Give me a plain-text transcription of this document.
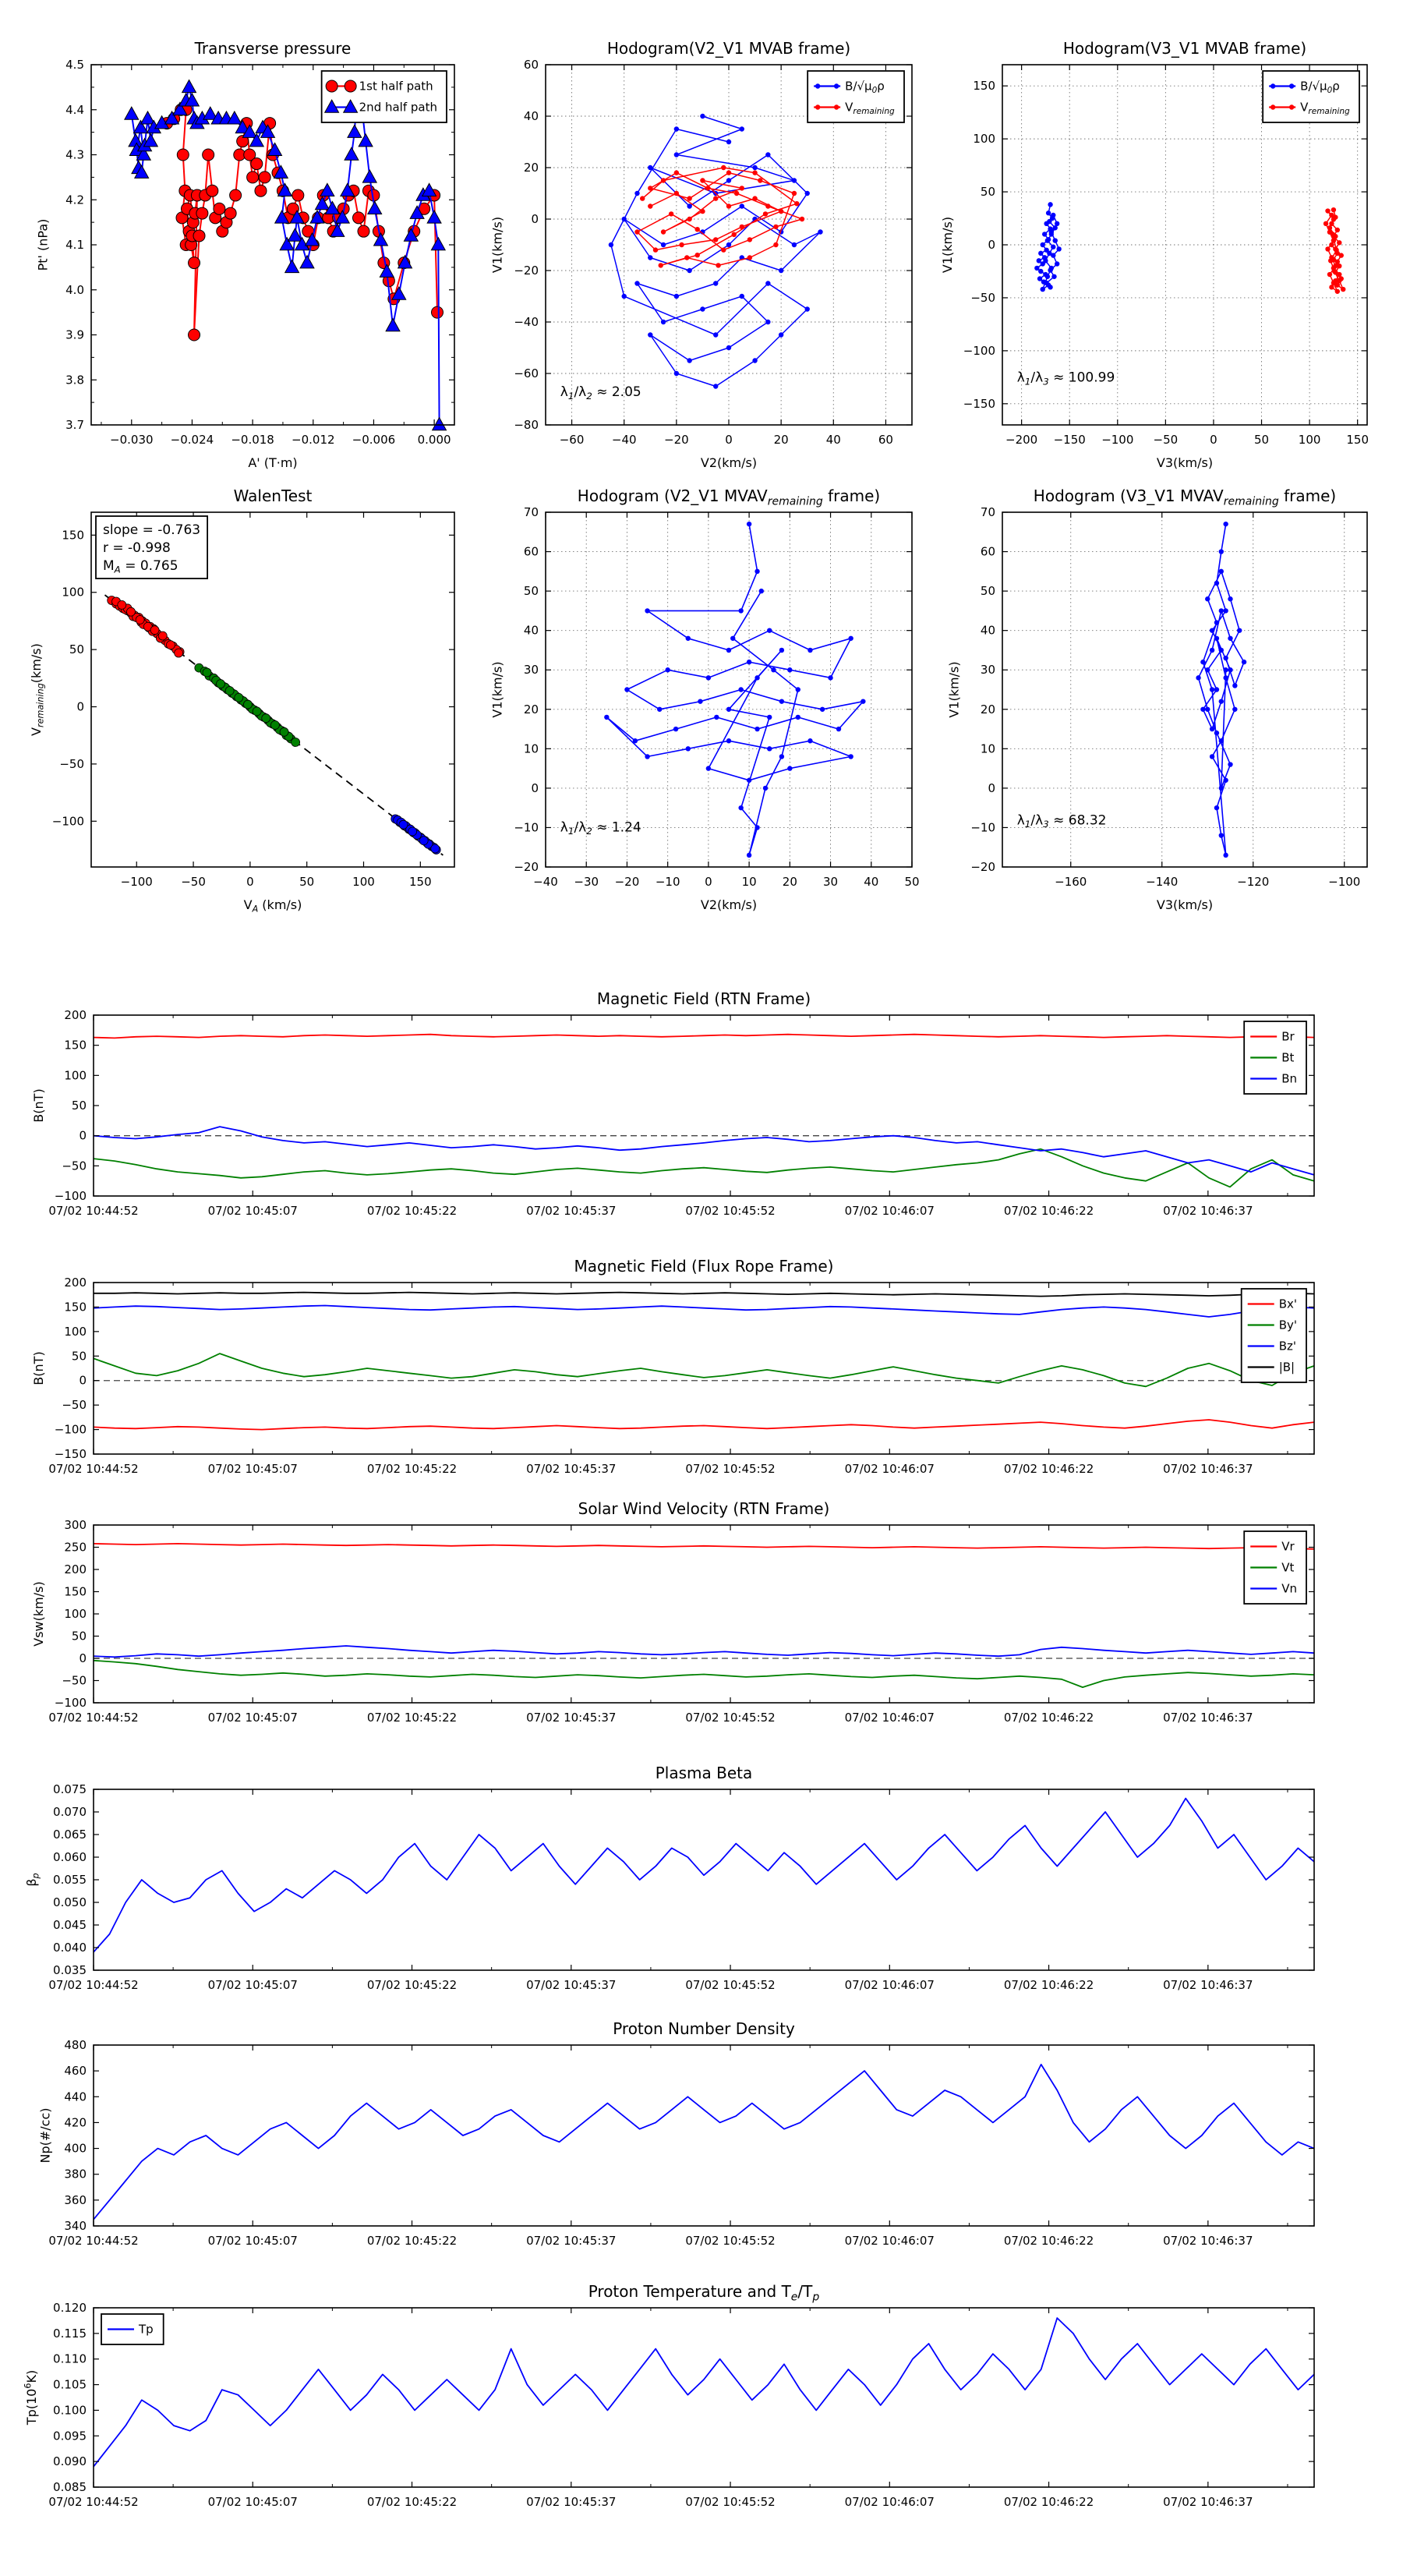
−0.030 −0.024 −0.018 −0.012 −0.006 0.000
3.7
3.8
3.9
4.0
4.1
4.2
4.3
4.4
4.5
Transverse pressure
A' (T·m)
Pt' (nPa)
1st half path
2nd half path
−60 −40 −20	0	20	40	60
−80
−60
−40
−20
0
20
40
60
Hodogram(V2_V1 MVAB frame)
V2(km/s)
V1(km/s)
$\lambda_1/\lambda_2 \approx 2.05$
$B/√\mu_0\rho$
$V_{remaining}$
−200 −150 −100 −50	0	50	100 150
−150
−100
−50
0
50
100
150
Hodogram(V3_V1 MVAB frame)
V3(km/s)
V1(km/s)
$\lambda_1/\lambda_3 \approx 100.99$
$B/√\mu_0\rho$
$V_{remaining}$
−100 −50	0	50	100	150
−100
−50
0
50
100
150
WalenTest
$V_A$ (km/s)
$V_{remaining}(km/s)$
slope = -0.763
r = -0.998
$M_A = 0.765$
−40 −30 −20 −10 0	10 20 30 40 50
−20
−10
0
10
20
30
40
50
60
70
Hodogram (V2_V1 $MVAV_{remaining}$ frame)
V2(km/s)
V1(km/s)
$\lambda_1/\lambda_2 \approx 1.24$
−160	−140	−120	−100
−20
−10
0
10
20
30
40
50
60
70
Hodogram (V3_V1 $MVAV_{remaining}$ frame)
V3(km/s)
V1(km/s)
$\lambda_1/\lambda_3 \approx 68.32$
07/02 10:44:52	07/02 10:45:07	07/02 10:45:22	07/02 10:45:37	07/02 10:45:52	07/02 10:46:07	07/02 10:46:22	07/02 10:46:37
−100
−50
0
50
100
150
200
Magnetic Field (RTN Frame)
B(nT)
Br
Bt
Bn
07/02 10:44:52	07/02 10:45:07	07/02 10:45:22	07/02 10:45:37	07/02 10:45:52	07/02 10:46:07	07/02 10:46:22	07/02 10:46:37
−150
−100
−50
0
50
100
150
200
Magnetic Field (Flux Rope Frame)
B(nT)
Bx'
By'
Bz'
|B|
07/02 10:44:52	07/02 10:45:07	07/02 10:45:22	07/02 10:45:37	07/02 10:45:52	07/02 10:46:07	07/02 10:46:22	07/02 10:46:37
−100
−50
0
50
100
150
200
250
300
Solar Wind Velocity (RTN Frame)
Vsw(km/s)
Vr
Vt
Vn
07/02 10:44:52	07/02 10:45:07	07/02 10:45:22	07/02 10:45:37	07/02 10:45:52	07/02 10:46:07	07/02 10:46:22	07/02 10:46:37
0.035
0.040
0.045
0.050
0.055
0.060
0.065
0.070
0.075
Plasma Beta
$\beta_p$
07/02 10:44:52	07/02 10:45:07	07/02 10:45:22	07/02 10:45:37	07/02 10:45:52	07/02 10:46:07	07/02 10:46:22	07/02 10:46:37
340
360
380
400
420
440
460
480
Proton Number Density
Np(#/cc)
07/02 10:44:52	07/02 10:45:07	07/02 10:45:22	07/02 10:45:37	07/02 10:45:52	07/02 10:46:07	07/02 10:46:22	07/02 10:46:37
0.085
0.090
0.095
0.100
0.105
0.110
0.115
0.120
Proton Temperature and $T_e/T_p$
$Tp(10^6K)$
Tp
